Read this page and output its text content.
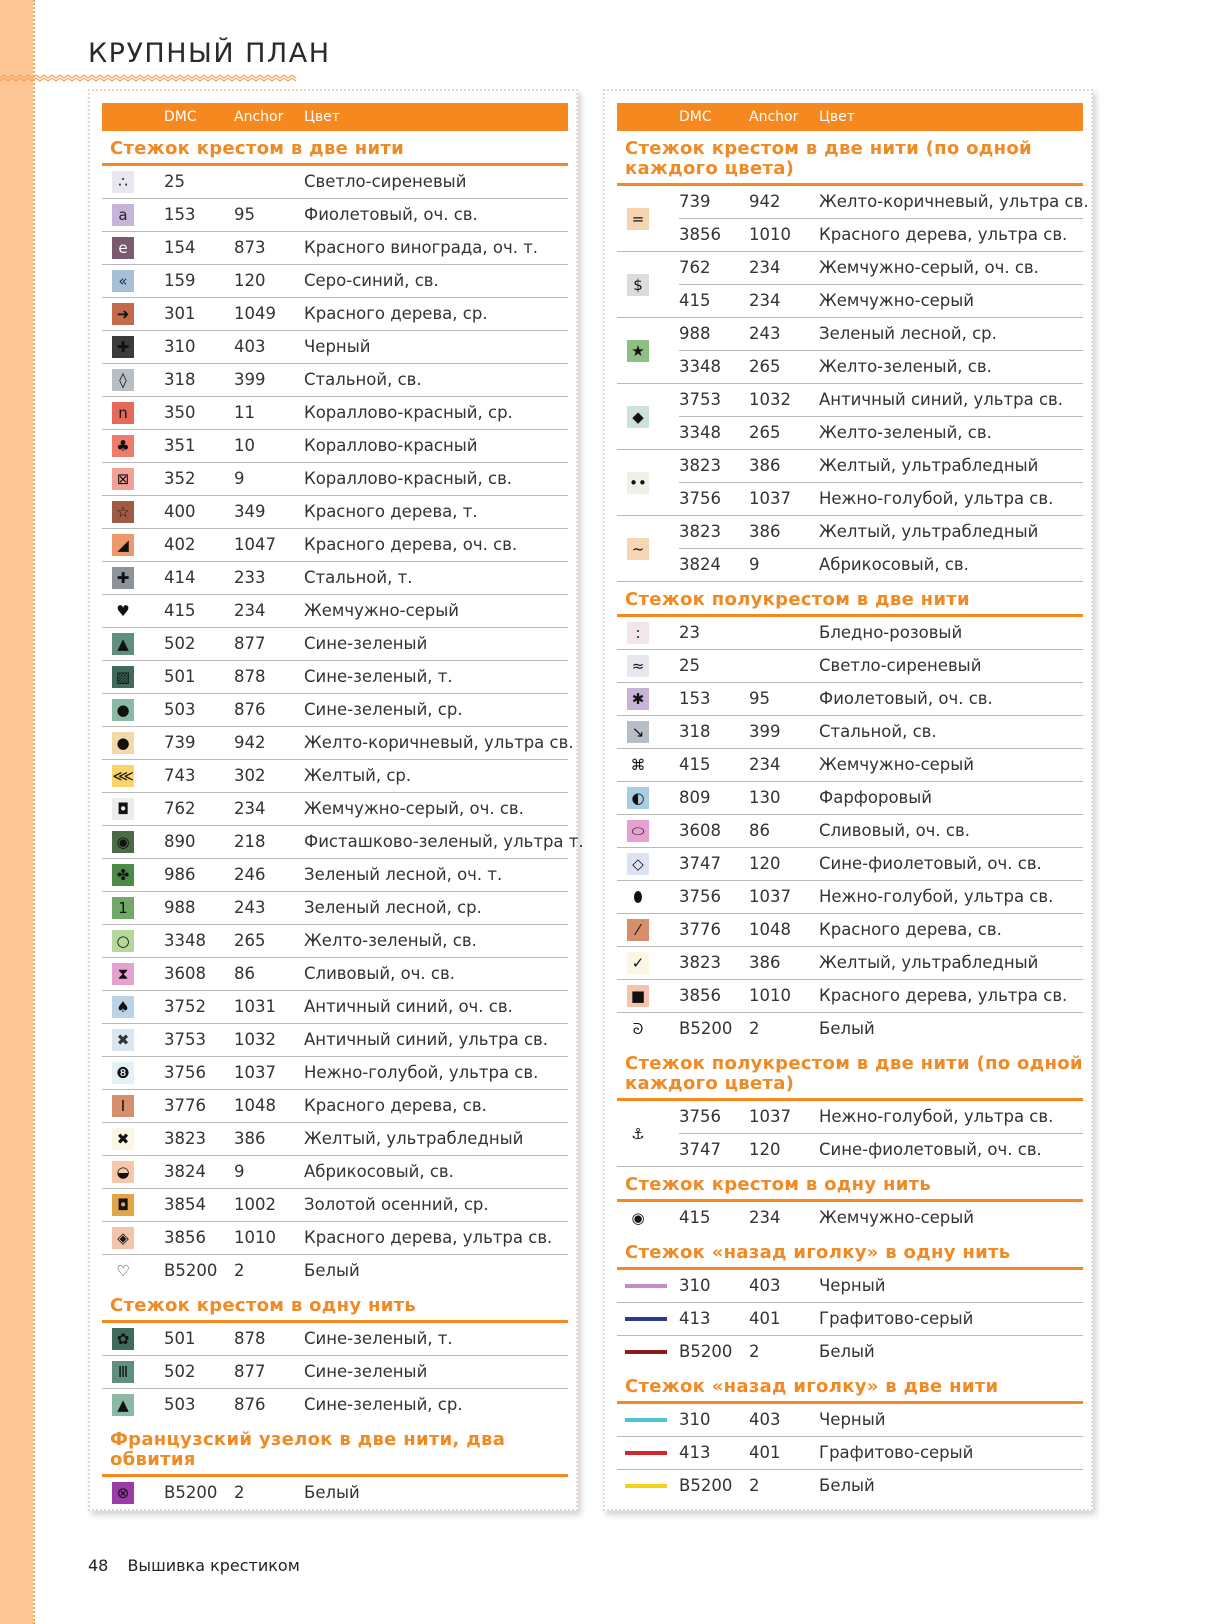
КРУПНЫЙ ПЛАН
DMC	Anchor Цвет
Стежок крестом в две нити
∴	25	Светло-сиреневый
a	153 95	Фиолетовый, оч. св.
e	154 873 Красного винограда, оч. т.
«	159 120 Серо-синий, св.
➜ 301 1049 Красного дерева, ср.
✚ 310 403 Черный
◊	318 399 Стальной, св.
n	350 11	Кораллово-красный, ср.
♣ 351 10	Кораллово-красный
⊠ 352 9	Кораллово-красный, св.
☆ 400 349 Красного дерева, т.
◢	402 1047 Красного дерева, оч. св.
✚ 414 233 Стальной, т.
♥ 415 234 Жемчужно-серый
▲	502 877 Сине-зеленый
▨ 501 878 Сине-зеленый, т.
● 503 876 Сине-зеленый, ср.
● 739 942 Желто-коричневый, ультра св.
⋘ 743 302 Желтый, ср.
◘	762 234 Жемчужно-серый, оч. св.
◉ 890 218 Фисташково-зеленый, ультра т.
✤ 986 246 Зеленый лесной, оч. т.
1	988 243 Зеленый лесной, ср.
○ 3348 265 Желто-зеленый, св.
⧗	3608 86	Сливовый, оч. св.
♠ 3752 1031 Античный синий, оч. св.
✖ 3753 1032 Античный синий, ультра св.
❽ 3756 1037 Нежно-голубой, ультра св.
I	3776 1048 Красного дерева, св.
✖ 3823 386 Желтый, ультрабледный
◒ 3824 9	Абрикосовый, св.
◘	3854 1002 Золотой осенний, ср.
◈	3856 1010 Красного дерева, ультра св.
♡ B5200 2	Белый
Стежок крестом в одну нить
✿ 501 878 Сине-зеленый, т.
Ⅲ	502 877 Сине-зеленый
▲	503 876 Сине-зеленый, ср.
Французский узелок в две нити, два обвития
⊗ B5200 2	Белый
DMC	Anchor Цвет
Стежок крестом в две нити (по одной каждого цвета)
=
739 942 Желто-коричневый, ультра св.
3856 1010 Красного дерева, ультра св.
$
762 234 Жемчужно-серый, оч. св.
415 234 Жемчужно-серый
★
988 243 Зеленый лесной, ср.
3348 265 Желто-зеленый, св.
◆
3753 1032 Античный синий, ультра св.
3348 265 Желто-зеленый, св.
••
3823 386 Желтый, ультрабледный
3756 1037 Нежно-голубой, ультра св.
~
3823 386 Желтый, ультрабледный
3824 9	Абрикосовый, св.
Стежок полукрестом в две нити
:	23	Бледно-розовый
≈ 25	Светло-сиреневый
✱ 153 95	Фиолетовый, оч. св.
↘ 318 399 Стальной, св.
⌘ 415 234 Жемчужно-серый
◐ 809 130 Фарфоровый
⬭ 3608 86	Сливовый, оч. св.
◇	3747 120 Сине-фиолетовый, оч. св.
⬮	3756 1037 Нежно-голубой, ультра св.
⁄	3776 1048 Красного дерева, св.
✓ 3823 386 Желтый, ультрабледный
■ 3856 1010 Красного дерева, ультра св.
ᘐ	B5200 2	Белый
Стежок полукрестом в две нити (по одной каждого цвета)
⚓
3756 1037 Нежно-голубой, ультра св.
3747 120 Сине-фиолетовый, оч. св.
Стежок крестом в одну нить
◉ 415 234 Жемчужно-серый
Стежок «назад иголку» в одну нить
310 403 Черный
413 401 Графитово-серый
B5200 2	Белый
Стежок «назад иголку» в две нити
310 403 Черный
413 401 Графитово-серый
B5200 2	Белый
48 Вышивка крестиком
